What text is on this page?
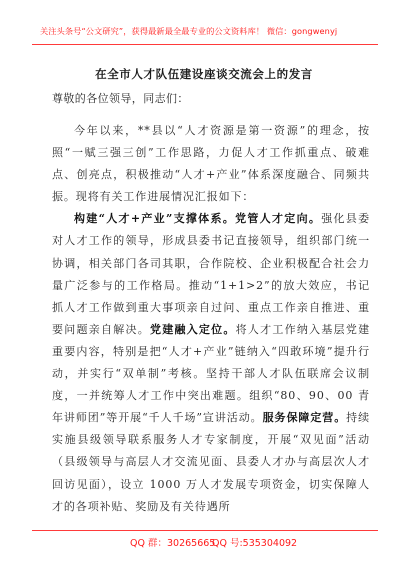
关注头条号“公文研究”，获得最新最全最专业的公文资料库！ 微信：gongwenyj
在全市人才队伍建设座谈交流会上的发言
尊敬的各位领导，同志们：

今年以来，**县以“人才资源是第一资源”的理念，按照“一赋三强三创”工作思路，力促人才工作抓重点、破难点、创亮点，积极推动“人才+产业”体系深度融合、同频共振。现将有关工作进展情况汇报如下：

构建“人才+产业”支撑体系。党管人才定向。强化县委对人才工作的领导，形成县委书记直接领导，组织部门统一协调，相关部门各司其职，合作院校、企业积极配合社会力量广泛参与的工作格局。推动“1+1>2”的放大效应，书记抓人才工作做到重大事项亲自过问、重点工作亲自推进、重要问题亲自解决。党建融入定位。将人才工作纳入基层党建重要内容，特别是把“人才+产业”链纳入“四敢环境”提升行动，并实行“双单制”考核。坚持干部人才队伍联席会议制度，一并统筹人才工作中突出难题。组织“80、90、00 青年讲师团”等开展“千人千场”宣讲活动。服务保障定营。持续实施县级领导联系服务人才专家制度，开展“双见面”活动（县级领导与高层人才交流见面、县委人才办与高层次人才回访见面），设立 1000 万人才发展专项资金，切实保障人才的各项补贴、奖励及有关待遇所

QQ 群：30265665
QQ 号:535304092
